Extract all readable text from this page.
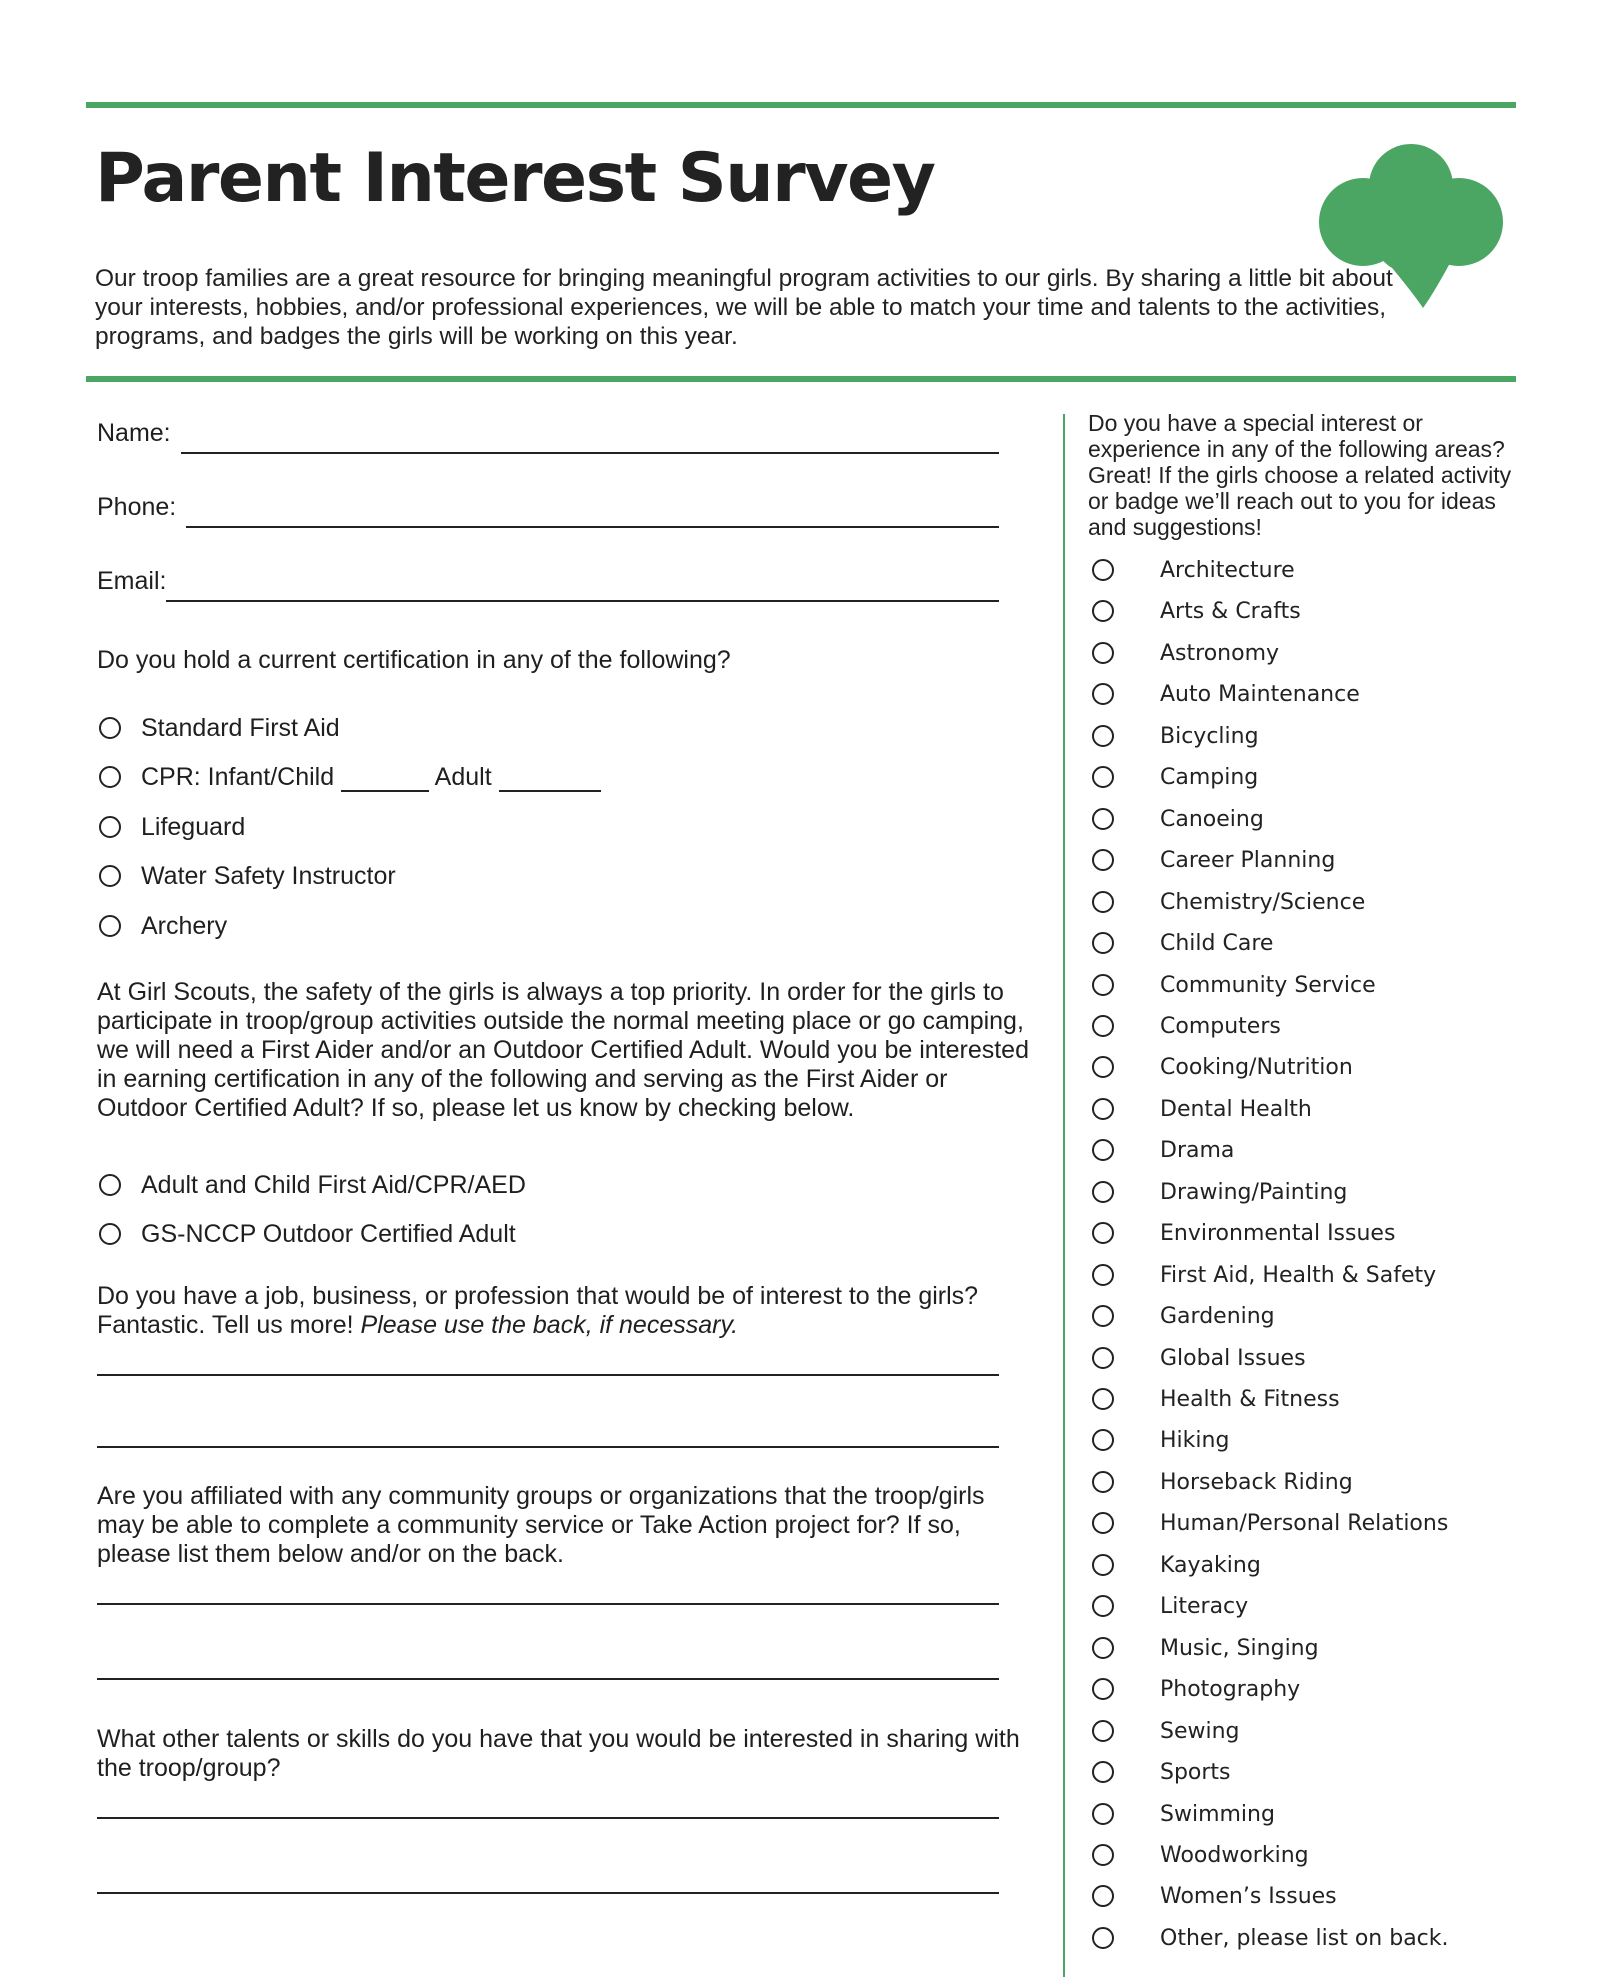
Parent Interest Survey

Our troop families are a great resource for bringing meaningful program activities to our girls. By sharing a little bit about your interests, hobbies, and/or professional experiences, we will be able to match your time and talents to the activities, programs, and badges the girls will be working on this year.

Name:
Phone:
Email:

Do you hold a current certification in any of the following?

Standard First Aid
CPR: Infant/Child	Adult
Lifeguard
Water Safety Instructor
Archery

At Girl Scouts, the safety of the girls is always a top priority. In order for the girls to participate in troop/group activities outside the normal meeting place or go camping, we will need a First Aider and/or an Outdoor Certified Adult. Would you be interested in earning certification in any of the following and serving as the First Aider or Outdoor Certified Adult? If so, please let us know by checking below.

Adult and Child First Aid/CPR/AED
GS-NCCP Outdoor Certified Adult

Do you have a job, business, or profession that would be of interest to the girls? Fantastic. Tell us more! Please use the back, if necessary.

Are you affiliated with any community groups or organizations that the troop/girls may be able to complete a community service or Take Action project for? If so, please list them below and/or on the back.

What other talents or skills do you have that you would be interested in sharing with the troop/group?

Do you have a special interest or experience in any of the following areas? Great! If the girls choose a related activity or badge we’ll reach out to you for ideas and suggestions!

Architecture
Arts & Crafts
Astronomy
Auto Maintenance
Bicycling
Camping
Canoeing
Career Planning
Chemistry/Science
Child Care
Community Service
Computers
Cooking/Nutrition
Dental Health
Drama
Drawing/Painting
Environmental Issues
First Aid, Health & Safety
Gardening
Global Issues
Health & Fitness
Hiking
Horseback Riding
Human/Personal Relations
Kayaking
Literacy
Music, Singing
Photography
Sewing
Sports
Swimming
Woodworking
Women’s Issues
Other, please list on back.
